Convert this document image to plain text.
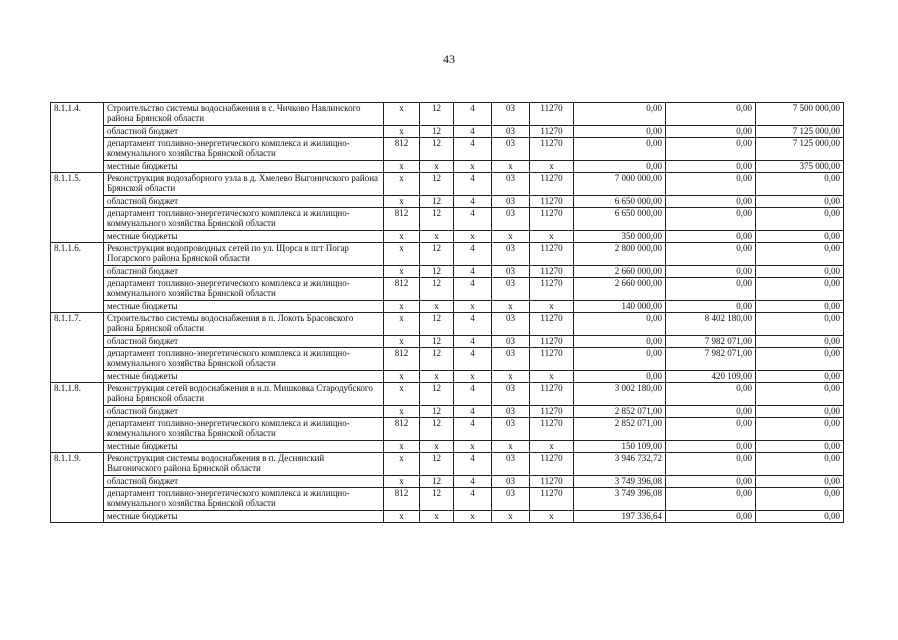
43
8.1.1.4.	Строительство системы водоснабжения в с. Чичково Навлинского района Брянской области	х	12	4	03	11270	0,00	0,00	7 500 000,00
	областной бюджет	х	12	4	03	11270	0,00	0,00	7 125 000,00
	департамент топливно-энергетического комплекса и жилищно-коммунального хозяйства Брянской области	812	12	4	03	11270	0,00	0,00	7 125 000,00
	местные бюджеты	х	х	х	х	х	0,00	0,00	375 000,00
8.1.1.5.	Реконструкция водозаборного узла в д. Хмелево Выгоничского района Брянской области	х	12	4	03	11270	7 000 000,00	0,00	0,00
	областной бюджет	х	12	4	03	11270	6 650 000,00	0,00	0,00
	департамент топливно-энергетического комплекса и жилищно-коммунального хозяйства Брянской области	812	12	4	03	11270	6 650 000,00	0,00	0,00
	местные бюджеты	х	х	х	х	х	350 000,00	0,00	0,00
8.1.1.6.	Реконструкция водопроводных сетей по ул. Щорса в пгт Погар Погарского района Брянской области	х	12	4	03	11270	2 800 000,00	0,00	0,00
	областной бюджет	х	12	4	03	11270	2 660 000,00	0,00	0,00
	департамент топливно-энергетического комплекса и жилищно-коммунального хозяйства Брянской области	812	12	4	03	11270	2 660 000,00	0,00	0,00
	местные бюджеты	х	х	х	х	х	140 000,00	0,00	0,00
8.1.1.7.	Строительство системы водоснабжения в п. Локоть Брасовского района Брянской области	х	12	4	03	11270	0,00	8 402 180,00	0,00
	областной бюджет	х	12	4	03	11270	0,00	7 982 071,00	0,00
	департамент топливно-энергетического комплекса и жилищно-коммунального хозяйства Брянской области	812	12	4	03	11270	0,00	7 982 071,00	0,00
	местные бюджеты	х	х	х	х	х	0,00	420 109,00	0,00
8.1.1.8.	Реконструкция сетей водоснабжения в н.п. Мишковка Стародубского района Брянской области	х	12	4	03	11270	3 002 180,00	0,00	0,00
	областной бюджет	х	12	4	03	11270	2 852 071,00	0,00	0,00
	департамент топливно-энергетического комплекса и жилищно-коммунального хозяйства Брянской области	812	12	4	03	11270	2 852 071,00	0,00	0,00
	местные бюджеты	х	х	х	х	х	150 109,00	0,00	0,00
8.1.1.9.	Реконструкция системы водоснабжения в п. Деснянский Выгоничского района Брянской области	х	12	4	03	11270	3 946 732,72	0,00	0,00
	областной бюджет	х	12	4	03	11270	3 749 396,08	0,00	0,00
	департамент топливно-энергетического комплекса и жилищно-коммунального хозяйства Брянской области	812	12	4	03	11270	3 749 396,08	0,00	0,00
	местные бюджеты	х	х	х	х	х	197 336,64	0,00	0,00
